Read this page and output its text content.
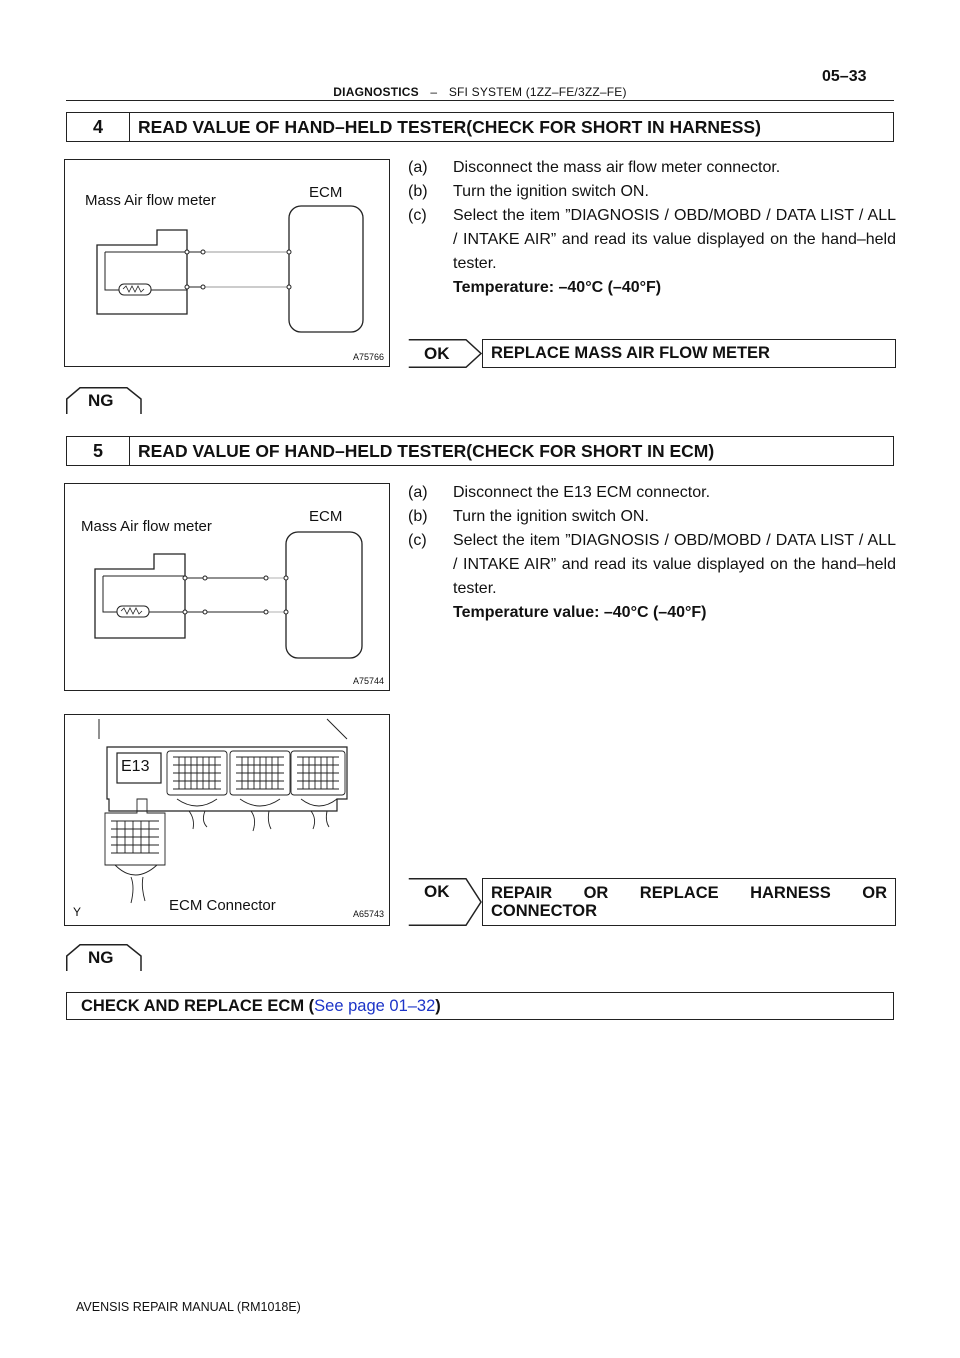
05–33
DIAGNOSTICS – SFI SYSTEM (1ZZ–FE/3ZZ–FE)
4	READ VALUE OF HAND–HELD TESTER(CHECK FOR SHORT IN HARNESS)
Mass Air flow meter	ECM
A75766
(a)	Disconnect the mass air flow meter connector.
(b)	Turn the ignition switch ON.
(c)	Select the item ”DIAGNOSIS / OBD/MOBD / DATA LIST / ALL / INTAKE AIR” and read its value displayed on the hand–held tester.
Temperature: –40°C (–40°F)
OK	REPLACE MASS AIR FLOW METER
NG
5	READ VALUE OF HAND–HELD TESTER(CHECK FOR SHORT IN ECM)
Mass Air flow meter
ECM
A75744
E13
ECM Connector
Y	A65743
(a)	Disconnect the E13 ECM connector.
(b)	Turn the ignition switch ON.
(c)	Select the item ”DIAGNOSIS / OBD/MOBD / DATA LIST / ALL / INTAKE AIR” and read its value displayed on the hand–held tester.
Temperature value: –40°C (–40°F)
OK	REPAIR OR REPLACE HARNESS OR
CONNECTOR
NG
CHECK AND REPLACE ECM ( See page 01–32 )
AVENSIS REPAIR MANUAL (RM1018E)
